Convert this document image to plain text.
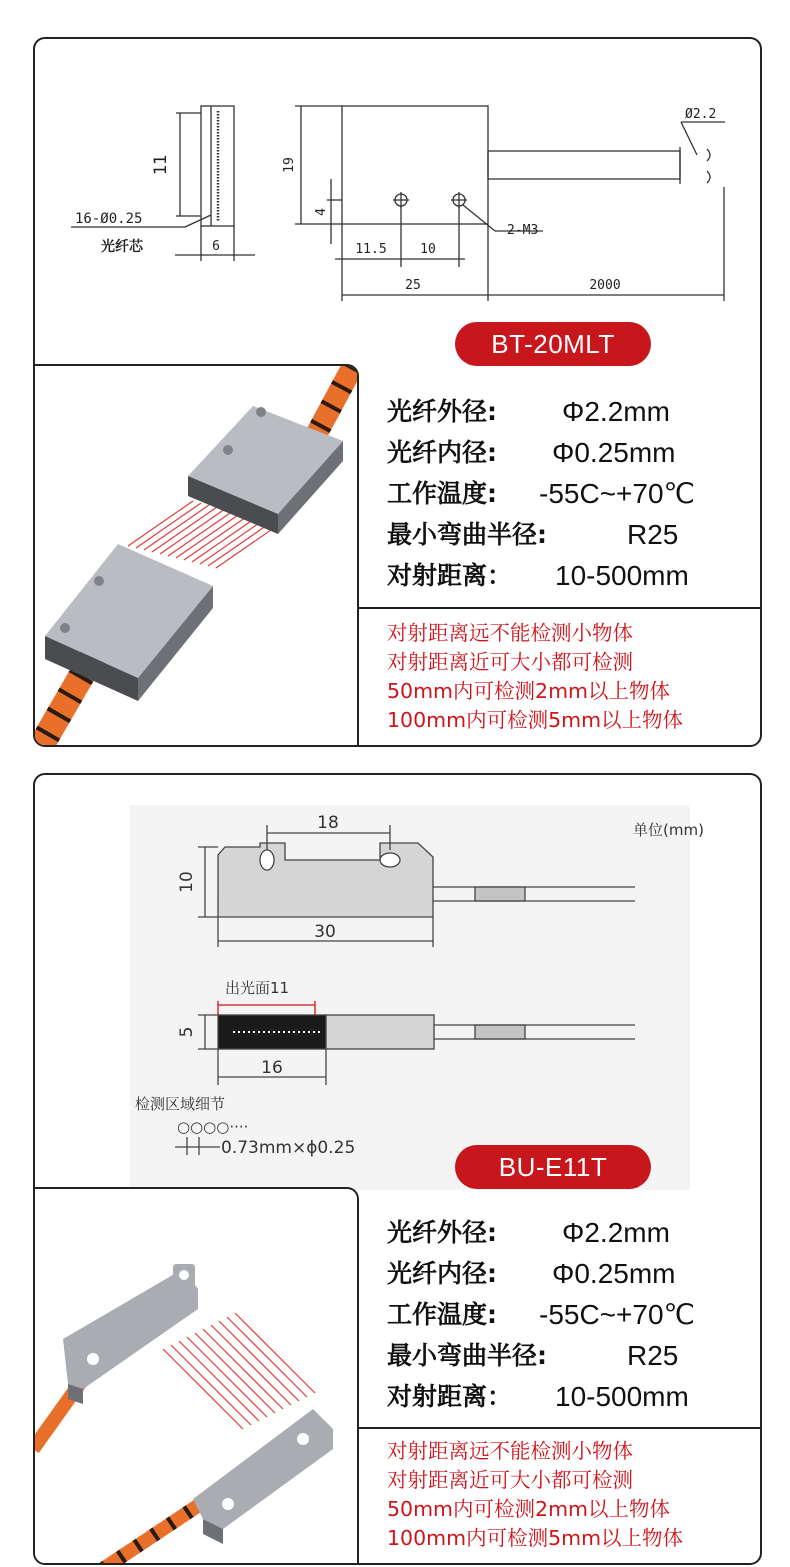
11
6
16-Ø0.25
光纤芯
19
4
11.5	10
25	2000
Ø2.2
2-M3
BT-20MLT
光纤外径: Φ2.2mm
光纤内径: Φ0.25mm
工作温度: -55C~+70℃
最小弯曲半径:	R25
对射距离： 10-500mm
对射距离远不能检测小物体
对射距离近可大小都可检测
50mm内可检测2mm以上物体
100mm内可检测5mm以上物体
单位(mm)
18
10
30
出光面11
5
16
检测区域细节
○○○○····
0.73mm×ϕ0.25
BU-E11T
光纤外径: Φ2.2mm
光纤内径: Φ0.25mm
工作温度: -55C~+70℃
最小弯曲半径:	R25
对射距离： 10-500mm
对射距离远不能检测小物体
对射距离近可大小都可检测
50mm内可检测2mm以上物体
100mm内可检测5mm以上物体
